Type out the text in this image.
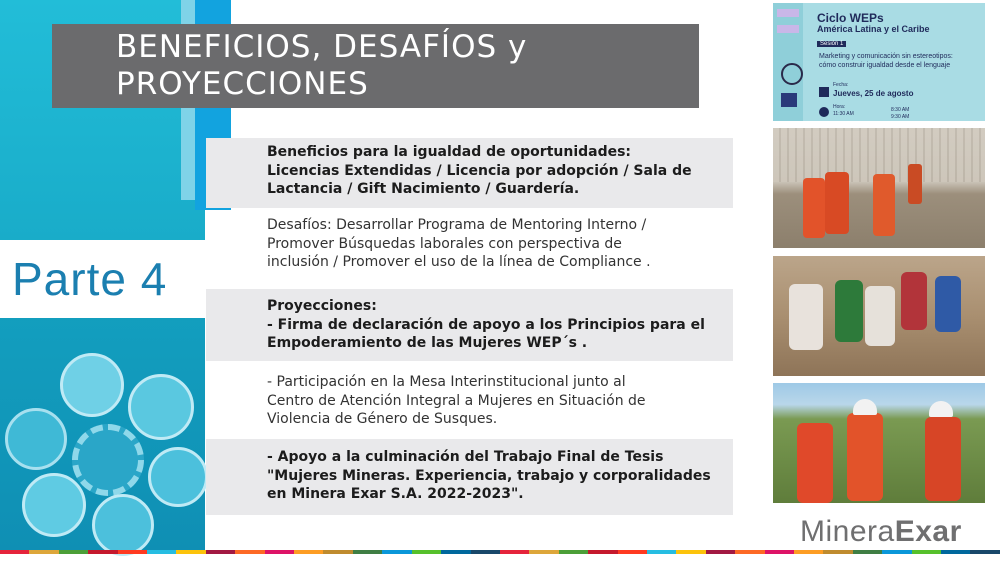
Parte 4
BENEFICIOS, DESAFÍOS y
PROYECCIONES
Beneficios para la igualdad de oportunidades:
Licencias Extendidas / Licencia por adopción / Sala de
Lactancia / Gift Nacimiento / Guardería.
Desafíos: Desarrollar Programa de Mentoring Interno /
Promover Búsquedas laborales con perspectiva de
inclusión / Promover el uso de la línea de Compliance .
Proyecciones:
- Firma de declaración de apoyo a los Principios para el
Empoderamiento de las Mujeres WEP´s .
- Participación en la Mesa Interinstitucional junto al
Centro de Atención Integral a Mujeres en Situación de
Violencia de Género de Susques.
- Apoyo a la culminación del Trabajo Final de Tesis
"Mujeres Mineras. Experiencia, trabajo y corporalidades
en Minera Exar S.A. 2022-2023".
Ciclo WEPs
América Latina y el Caribe
Sesión 1
Marketing y comunicación sin estereotipos:
cómo construir igualdad desde el lenguaje
Fecha:
Jueves, 25 de agosto
Hora:
11:30 AM
8:30 AM
9:30 AM
MineraExar
